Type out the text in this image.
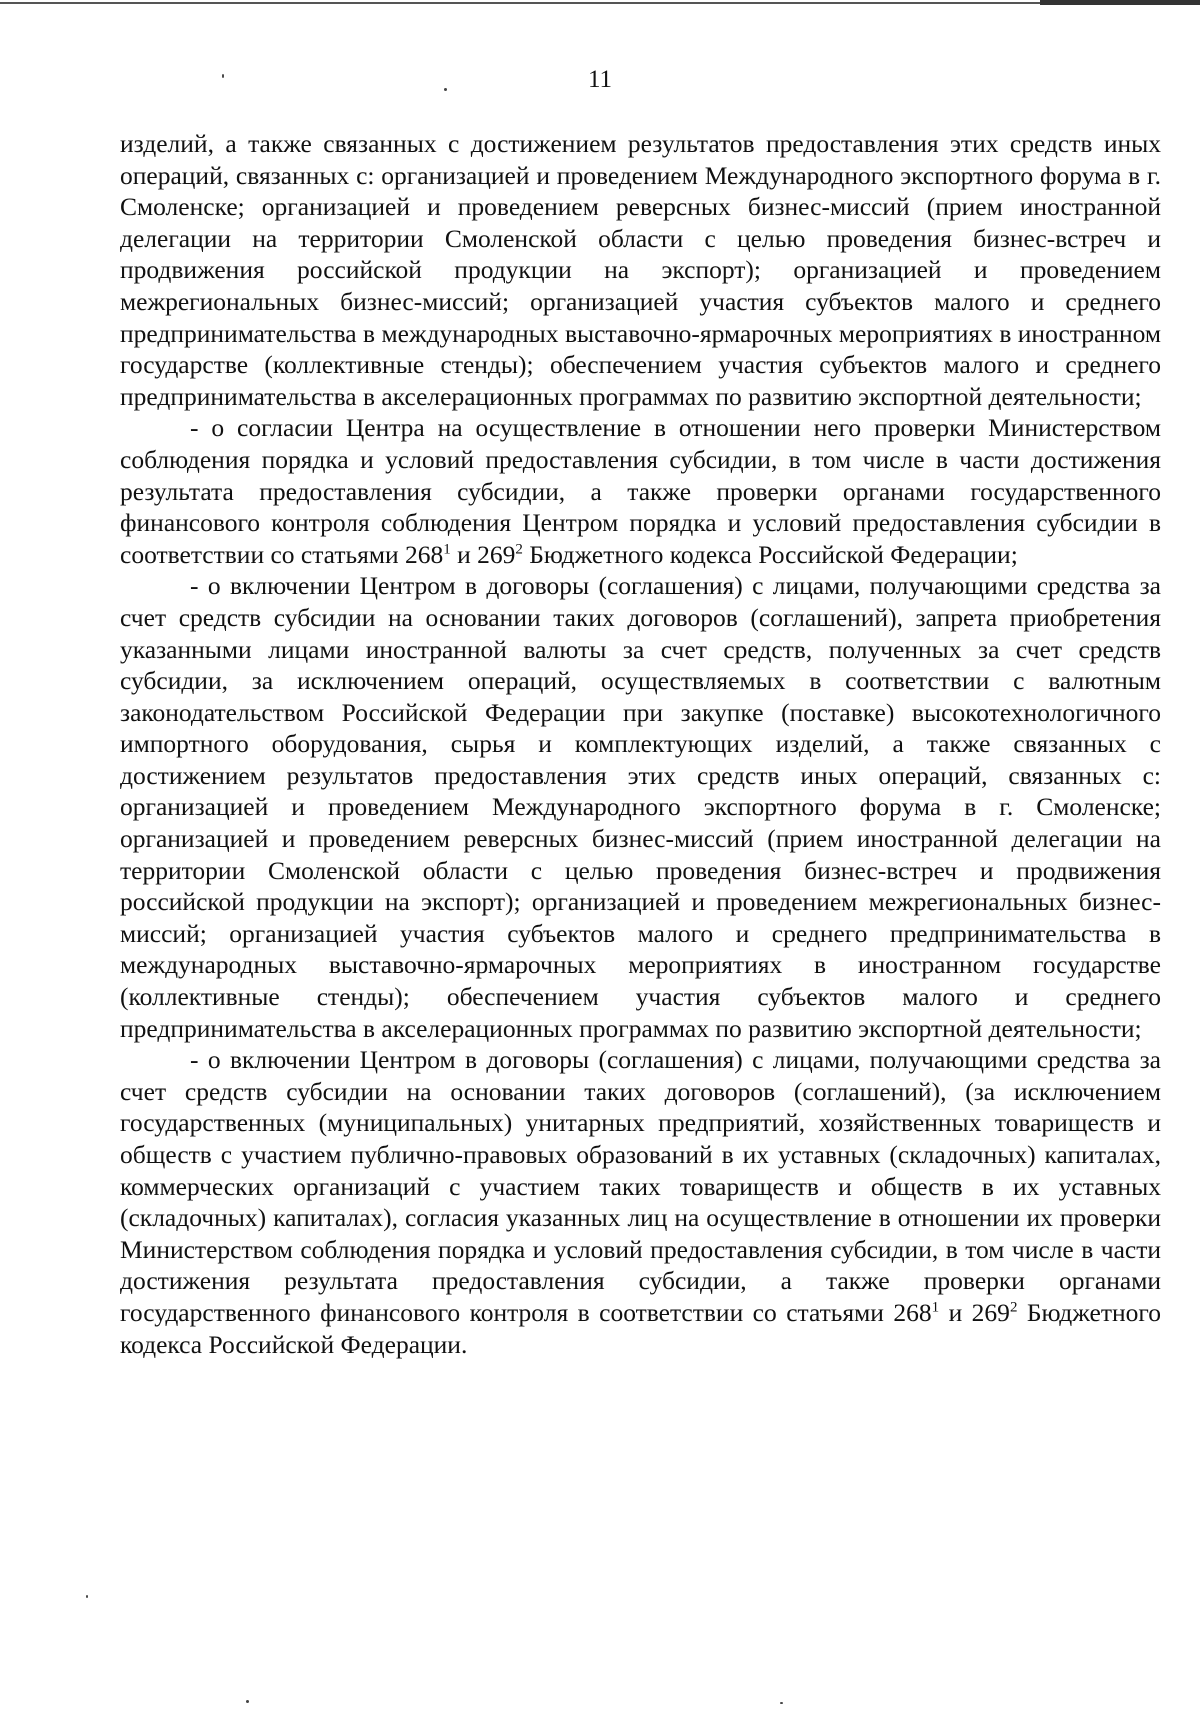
11

изделий, а также связанных с достижением результатов предоставления этих средств иных операций, связанных с: организацией и проведением Международного экспортного форума в г. Смоленске; организацией и проведением реверсных бизнес-миссий (прием иностранной делегации на территории Смоленской области с целью проведения бизнес-встреч и продвижения российской продукции на экспорт); организацией и проведением межрегиональных бизнес-миссий; организацией участия субъектов малого и среднего предпринимательства в международных выставочно-ярмарочных мероприятиях в иностранном государстве (коллективные стенды); обеспечением участия субъектов малого и среднего предпринимательства в акселерационных программах по развитию экспортной деятельности;

- о согласии Центра на осуществление в отношении него проверки Министерством соблюдения порядка и условий предоставления субсидии, в том числе в части достижения результата предоставления субсидии, а также проверки органами государственного финансового контроля соблюдения Центром порядка и условий предоставления субсидии в соответствии со статьями $268^1$ и $269^2$ Бюджетного кодекса Российской Федерации;

- о включении Центром в договоры (соглашения) с лицами, получающими средства за счет средств субсидии на основании таких договоров (соглашений), запрета приобретения указанными лицами иностранной валюты за счет средств, полученных за счет средств субсидии, за исключением операций, осуществляемых в соответствии с валютным законодательством Российской Федерации при закупке (поставке) высокотехнологичного импортного оборудования, сырья и комплектующих изделий, а также связанных с достижением результатов предоставления этих средств иных операций, связанных с: организацией и проведением Международного экспортного форума в г. Смоленске; организацией и проведением реверсных бизнес-миссий (прием иностранной делегации на территории Смоленской области с целью проведения бизнес-встреч и продвижения российской продукции на экспорт); организацией и проведением межрегиональных бизнес-миссий; организацией участия субъектов малого и среднего предпринимательства в международных выставочно-ярмарочных мероприятиях в иностранном государстве (коллективные стенды); обеспечением участия субъектов малого и среднего предпринимательства в акселерационных программах по развитию экспортной деятельности;

- о включении Центром в договоры (соглашения) с лицами, получающими средства за счет средств субсидии на основании таких договоров (соглашений), (за исключением государственных (муниципальных) унитарных предприятий, хозяйственных товариществ и обществ с участием публично-правовых образований в их уставных (складочных) капиталах, коммерческих организаций с участием таких товариществ и обществ в их уставных (складочных) капиталах), согласия указанных лиц на осуществление в отношении их проверки Министерством соблюдения порядка и условий предоставления субсидии, в том числе в части достижения результата предоставления субсидии, а также проверки органами государственного финансового контроля в соответствии со статьями $268^1$ и $269^2$ Бюджетного кодекса Российской Федерации.
